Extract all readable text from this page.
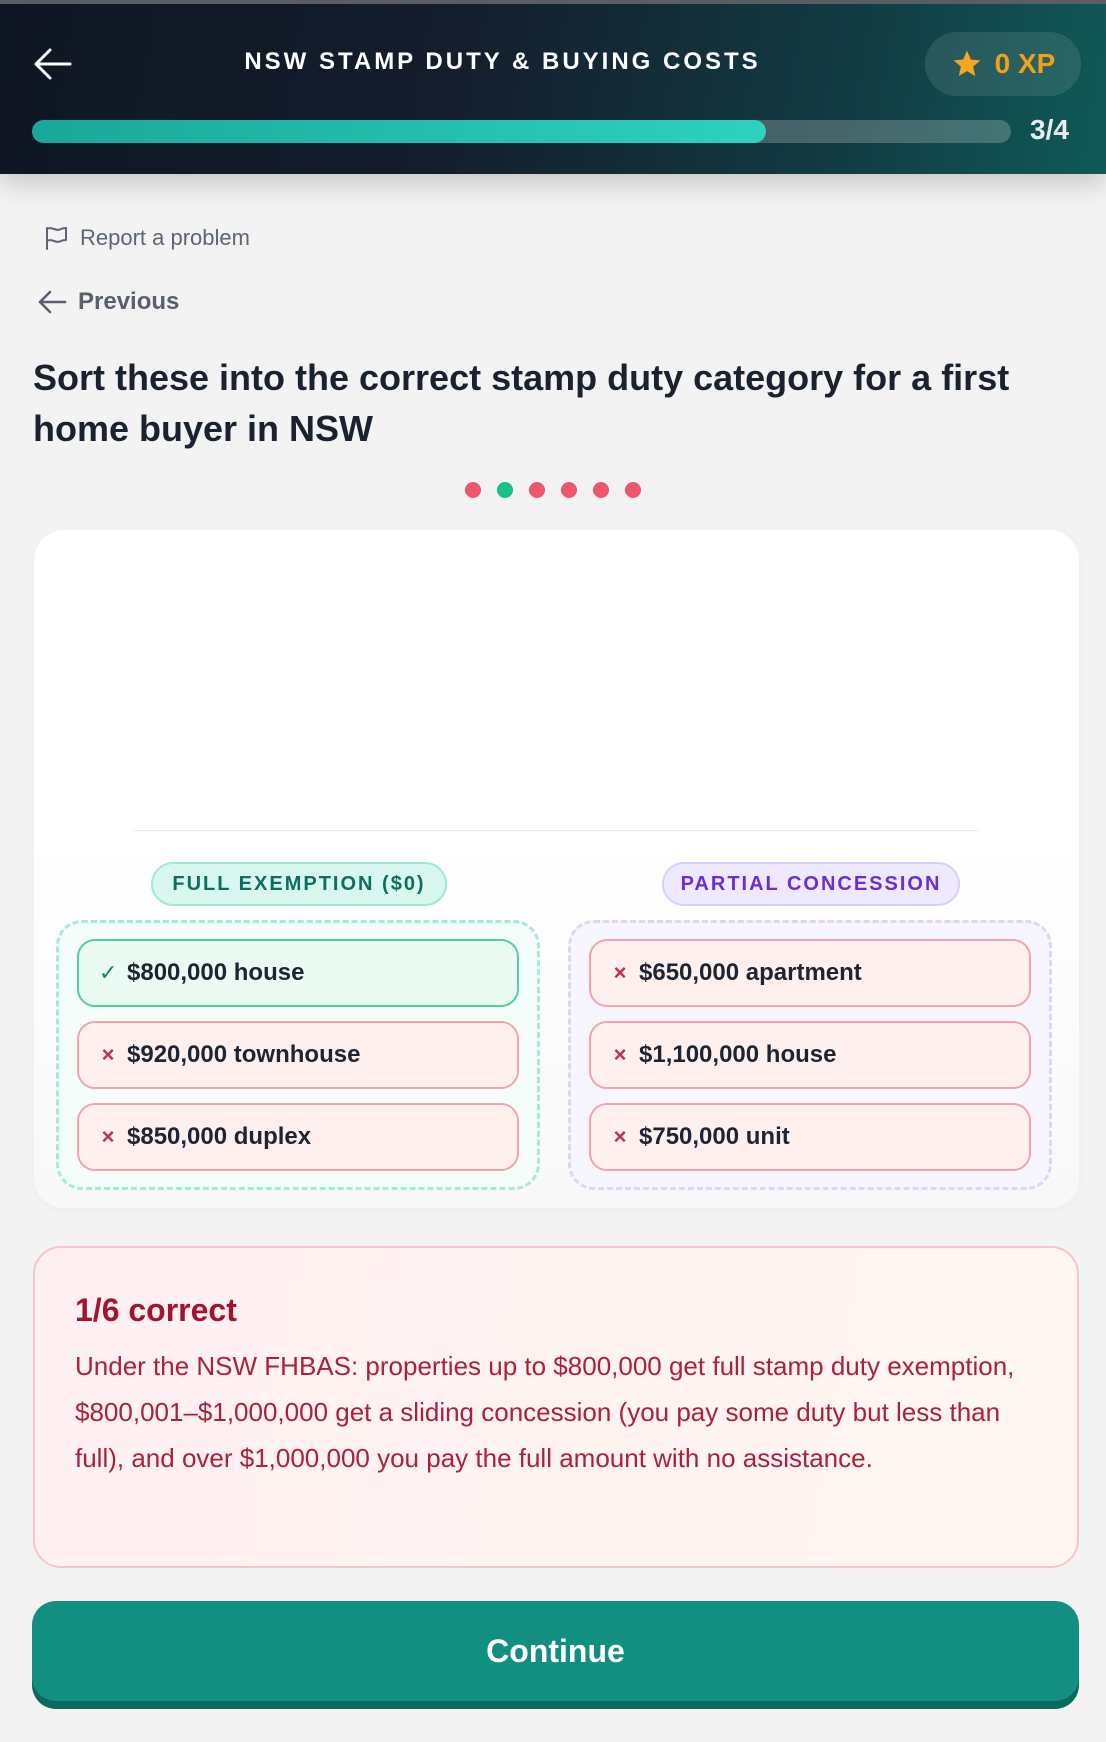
NSW STAMP DUTY & BUYING COSTS	0 XP
3/4
Report a problem
Previous
Sort these into the correct stamp duty category for a first home buyer in NSW
FULL EXEMPTION ($0)	PARTIAL CONCESSION
✓ $800,000 house
× $920,000 townhouse
× $850,000 duplex
× $650,000 apartment
× $1,100,000 house
× $750,000 unit
1/6 correct
Under the NSW FHBAS: properties up to $800,000 get full stamp duty exemption, $800,001–$1,000,000 get a sliding concession (you pay some duty but less than full), and over $1,000,000 you pay the full amount with no assistance.
Continue
